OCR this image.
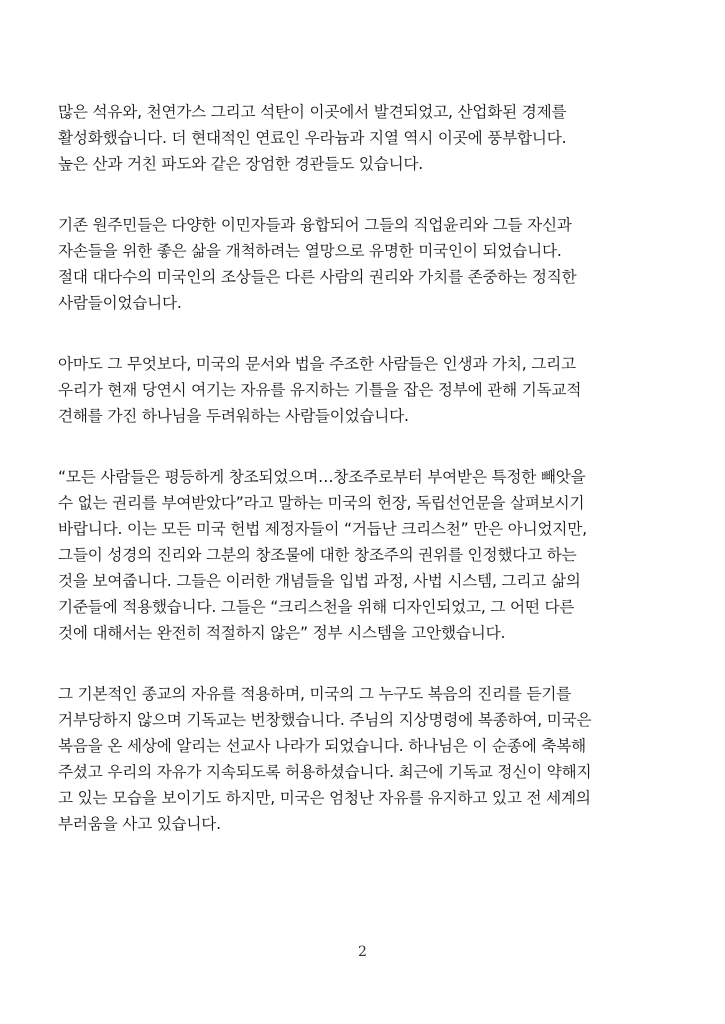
많은 석유와, 천연가스 그리고 석탄이 이곳에서 발견되었고, 산업화된 경제를
활성화했습니다. 더 현대적인 연료인 우라늄과 지열 역시 이곳에 풍부합니다.
높은 산과 거친 파도와 같은 장엄한 경관들도 있습니다.

기존 원주민들은 다양한 이민자들과 융합되어 그들의 직업윤리와 그들 자신과
자손들을 위한 좋은 삶을 개척하려는 열망으로 유명한 미국인이 되었습니다.
절대 대다수의 미국인의 조상들은 다른 사람의 권리와 가치를 존중하는 정직한
사람들이었습니다.

아마도 그 무엇보다, 미국의 문서와 법을 주조한 사람들은 인생과 가치, 그리고
우리가 현재 당연시 여기는 자유를 유지하는 기틀을 잡은 정부에 관해 기독교적
견해를 가진 하나님을 두려워하는 사람들이었습니다.

“모든 사람들은 평등하게 창조되었으며…창조주로부터 부여받은 특정한 빼앗을
수 없는 권리를 부여받았다”라고 말하는 미국의 헌장, 독립선언문을 살펴보시기
바랍니다. 이는 모든 미국 헌법 제정자들이 “거듭난 크리스천” 만은 아니었지만,
그들이 성경의 진리와 그분의 창조물에 대한 창조주의 권위를 인정했다고 하는
것을 보여줍니다. 그들은 이러한 개념들을 입법 과정, 사법 시스템, 그리고 삶의
기준들에 적용했습니다. 그들은 “크리스천을 위해 디자인되었고, 그 어떤 다른
것에 대해서는 완전히 적절하지 않은” 정부 시스템을 고안했습니다.

그 기본적인 종교의 자유를 적용하며, 미국의 그 누구도 복음의 진리를 듣기를
거부당하지 않으며 기독교는 번창했습니다. 주님의 지상명령에 복종하여, 미국은
복음을 온 세상에 알리는 선교사 나라가 되었습니다. 하나님은 이 순종에 축복해
주셨고 우리의 자유가 지속되도록 허용하셨습니다. 최근에 기독교 정신이 약해지
고 있는 모습을 보이기도 하지만, 미국은 엄청난 자유를 유지하고 있고 전 세계의
부러움을 사고 있습니다.

2
